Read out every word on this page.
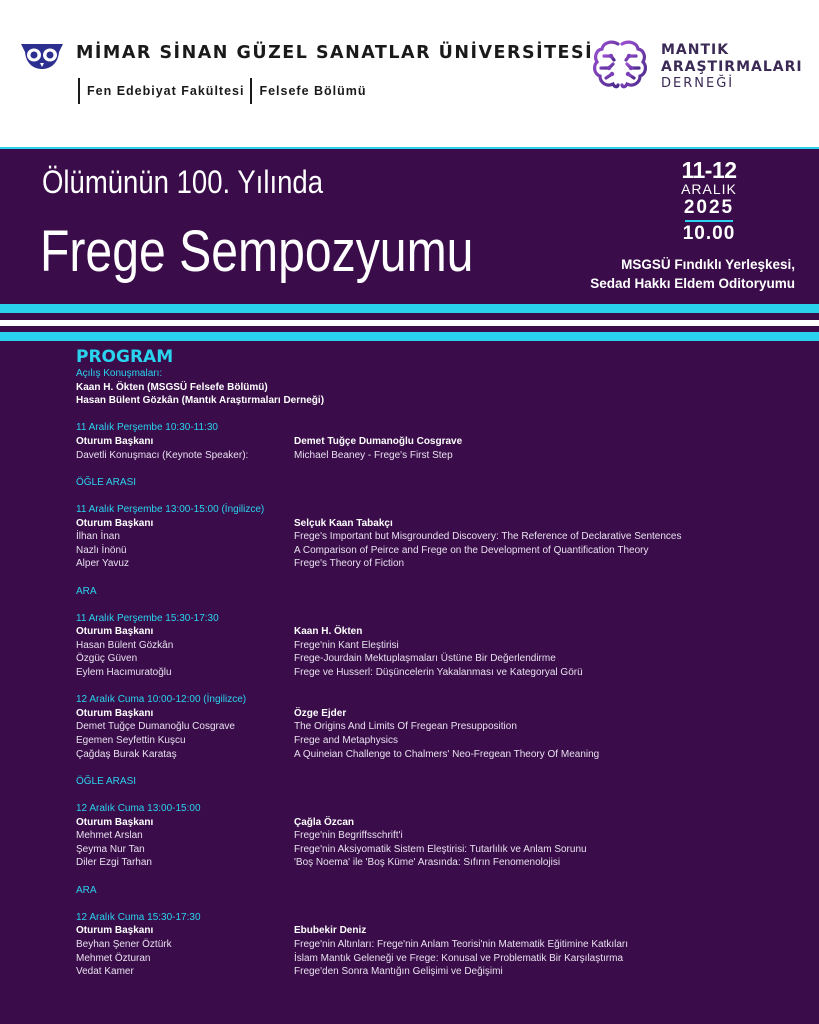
MİMAR SİNAN GÜZEL SANATLAR ÜNİVERSİTESİ
Fen Edebiyat Fakültesi	Felsefe Bölümü
MANTIK
ARAŞTIRMALARI
DERNEĞİ
Ölümünün 100. Yılında
Frege Sempozyumu
11-12
ARALIK
2025
10.00
MSGSÜ Fındıklı Yerleşkesi,
Sedad Hakkı Eldem Oditoryumu
PROGRAM
Açılış Konuşmaları:
Kaan H. Ökten (MSGSÜ Felsefe Bölümü)
Hasan Bülent Gözkân (Mantık Araştırmaları Derneği)
11 Aralık Perşembe 10:30-11:30
Oturum Başkanı	Demet Tuğçe Dumanoğlu Cosgrave
Davetli Konuşmacı (Keynote Speaker):	Michael Beaney - Frege's First Step
ÖĞLE ARASI
11 Aralık Perşembe 13:00-15:00 (İngilizce)
Oturum Başkanı	Selçuk Kaan Tabakçı
İlhan İnan	Frege's Important but Misgrounded Discovery: The Reference of Declarative Sentences
Nazlı İnönü	A Comparison of Peirce and Frege on the Development of Quantification Theory
Alper Yavuz	Frege's Theory of Fiction
ARA
11 Aralık Perşembe 15:30-17:30
Oturum Başkanı	Kaan H. Ökten
Hasan Bülent Gözkân	Frege'nin Kant Eleştirisi
Özgüç Güven	Frege-Jourdain Mektuplaşmaları Üstüne Bir Değerlendirme
Eylem Hacımuratoğlu	Frege ve Husserl: Düşüncelerin Yakalanması ve Kategoryal Görü
12 Aralık Cuma 10:00-12:00 (İngilizce)
Oturum Başkanı	Özge Ejder
Demet Tuğçe Dumanoğlu Cosgrave	The Origins And Limits Of Fregean Presupposition
Egemen Seyfettin Kuşcu	Frege and Metaphysics
Çağdaş Burak Karataş	A Quineian Challenge to Chalmers' Neo-Fregean Theory Of Meaning
ÖĞLE ARASI
12 Aralık Cuma 13:00-15:00
Oturum Başkanı	Çağla Özcan
Mehmet Arslan	Frege'nin Begriffsschrift'i
Şeyma Nur Tan	Frege'nin Aksiyomatik Sistem Eleştirisi: Tutarlılık ve Anlam Sorunu
Diler Ezgi Tarhan	'Boş Noema' ile 'Boş Küme' Arasında: Sıfırın Fenomenolojisi
ARA
12 Aralık Cuma 15:30-17:30
Oturum Başkanı	Ebubekir Deniz
Beyhan Şener Öztürk	Frege'nin Altınları: Frege'nin Anlam Teorisi'nin Matematik Eğitimine Katkıları
Mehmet Özturan	İslam Mantık Geleneği ve Frege: Konusal ve Problematik Bir Karşılaştırma
Vedat Kamer	Frege'den Sonra Mantığın Gelişimi ve Değişimi
